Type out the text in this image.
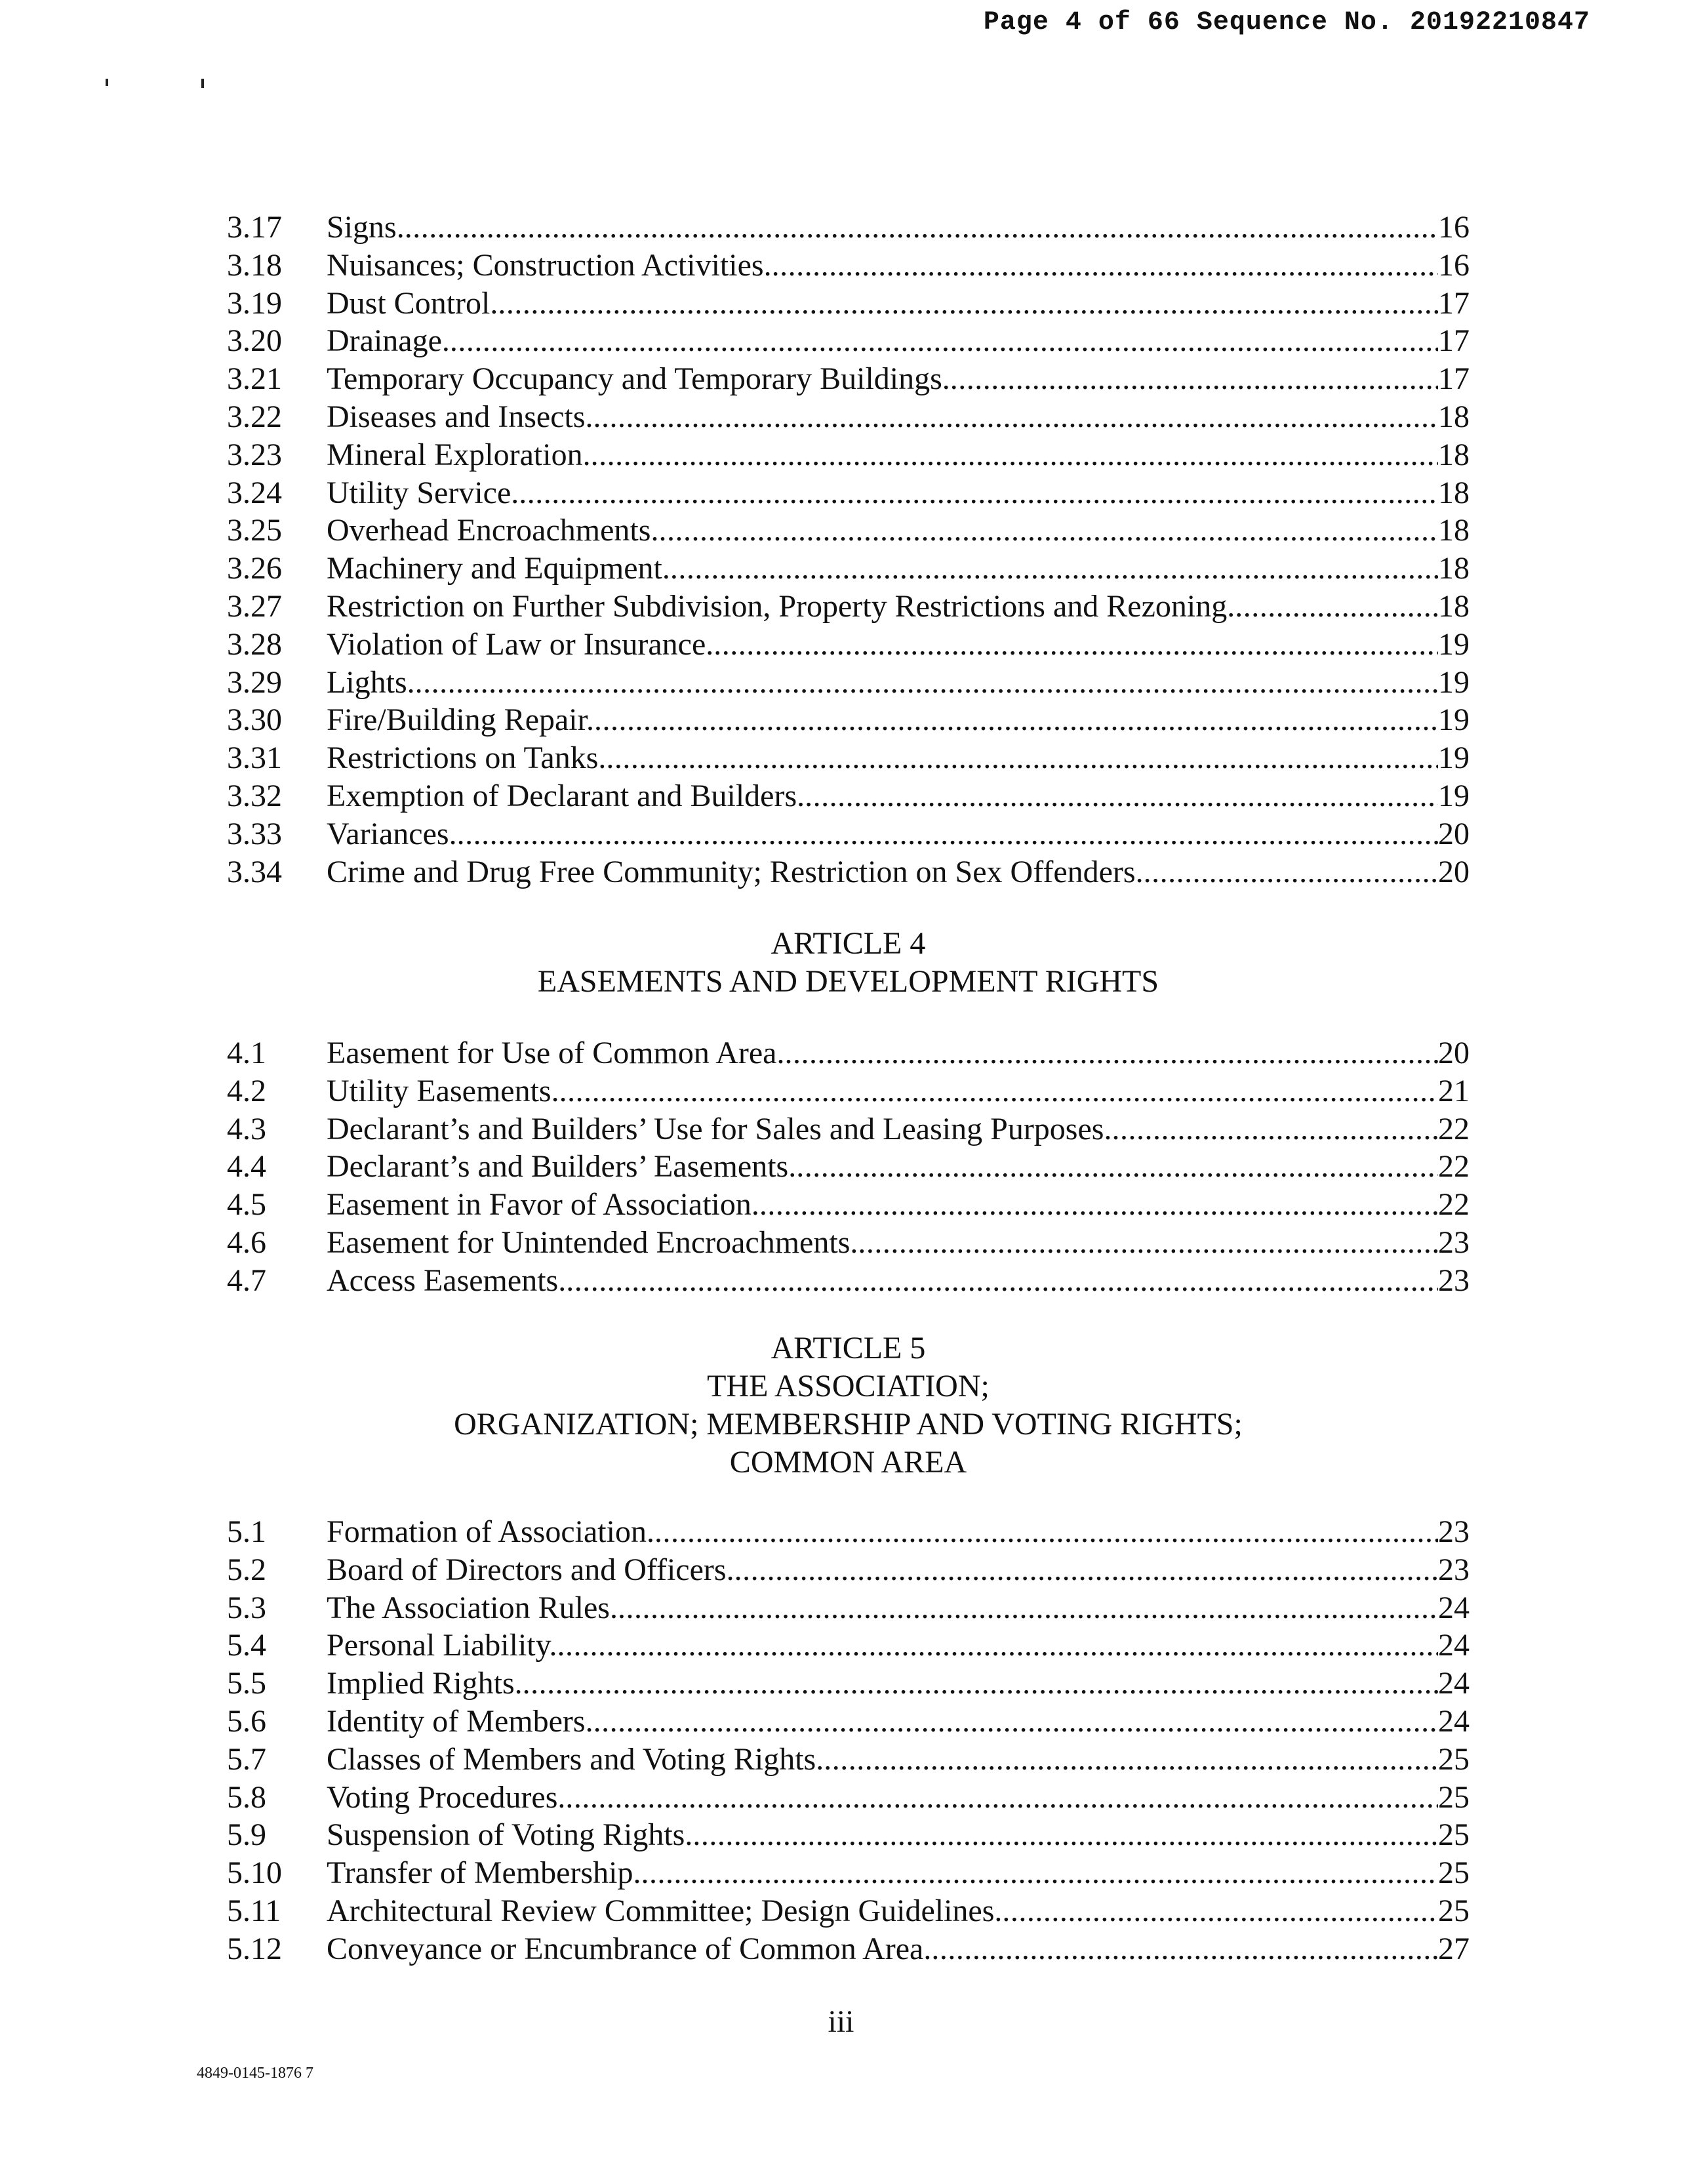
Page 4 of 66 Sequence No. 20192210847
3.17	Signs. .....	16
3.18	Nuisances; Construction Activities. .....	16
3.19	Dust Control. .....	17
3.20	Drainage. .....	17
3.21	Temporary Occupancy and Temporary Buildings. .....	17
3.22	Diseases and Insects. .....	18
3.23	Mineral Exploration. .....	18
3.24	Utility Service. .....	18
3.25	Overhead Encroachments. .....	18
3.26	Machinery and Equipment. .....	18
3.27	Restriction on Further Subdivision, Property Restrictions and Rezoning. .....	18
3.28	Violation of Law or Insurance. .....	19
3.29	Lights. .....	19
3.30	Fire/Building Repair. .....	19
3.31	Restrictions on Tanks. .....	19
3.32	Exemption of Declarant and Builders. .....	19
3.33	Variances. .....	20
3.34	Crime and Drug Free Community; Restriction on Sex Offenders. .....	20
ARTICLE 4
EASEMENTS AND DEVELOPMENT RIGHTS
4.1	Easement for Use of Common Area. .....	20
4.2	Utility Easements. .....	21
4.3	Declarant’s and Builders’ Use for Sales and Leasing Purposes. .....	22
4.4	Declarant’s and Builders’ Easements. .....	22
4.5	Easement in Favor of Association. .....	22
4.6	Easement for Unintended Encroachments. .....	23
4.7	Access Easements. .....	23
ARTICLE 5
THE ASSOCIATION;
ORGANIZATION; MEMBERSHIP AND VOTING RIGHTS;
COMMON AREA
5.1	Formation of Association. .....	23
5.2	Board of Directors and Officers. .....	23
5.3	The Association Rules. .....	24
5.4	Personal Liability. .....	24
5.5	Implied Rights. .....	24
5.6	Identity of Members. .....	24
5.7	Classes of Members and Voting Rights. .....	25
5.8	Voting Procedures. .....	25
5.9	Suspension of Voting Rights. .....	25
5.10	Transfer of Membership. .....	25
5.11	Architectural Review Committee; Design Guidelines. .....	25
5.12	Conveyance or Encumbrance of Common Area. .....	27
iii
4849-0145-1876 7
